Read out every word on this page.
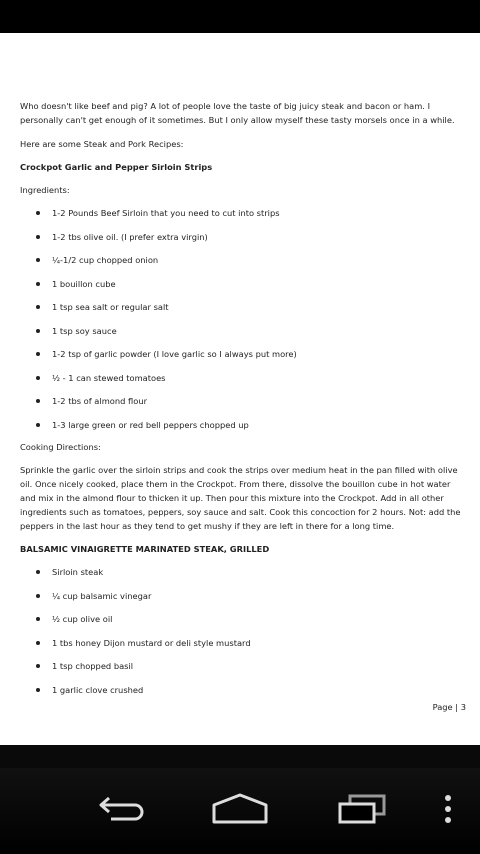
Who doesn't like beef and pig? A lot of people love the taste of big juicy steak and bacon or ham. I personally can't get enough of it sometimes. But I only allow myself these tasty morsels once in a while.

Here are some Steak and Pork Recipes:

Crockpot Garlic and Pepper Sirloin Strips

Ingredients:

1-2 Pounds Beef Sirloin that you need to cut into strips
1-2 tbs olive oil. (I prefer extra virgin)
¼-1/2 cup chopped onion
1 bouillon cube
1 tsp sea salt or regular salt
1 tsp soy sauce
1-2 tsp of garlic powder (I love garlic so I always put more)
½ - 1 can stewed tomatoes
1-2 tbs of almond flour
1-3 large green or red bell peppers chopped up

Cooking Directions:

Sprinkle the garlic over the sirloin strips and cook the strips over medium heat in the pan filled with olive oil. Once nicely cooked, place them in the Crockpot. From there, dissolve the bouillon cube in hot water and mix in the almond flour to thicken it up. Then pour this mixture into the Crockpot. Add in all other ingredients such as tomatoes, peppers, soy sauce and salt. Cook this concoction for 2 hours. Not: add the peppers in the last hour as they tend to get mushy if they are left in there for a long time.

BALSAMIC VINAIGRETTE MARINATED STEAK, GRILLED

Sirloin steak
¼ cup balsamic vinegar
½ cup olive oil
1 tbs honey Dijon mustard or deli style mustard
1 tsp chopped basil
1 garlic clove crushed
Page | 3
